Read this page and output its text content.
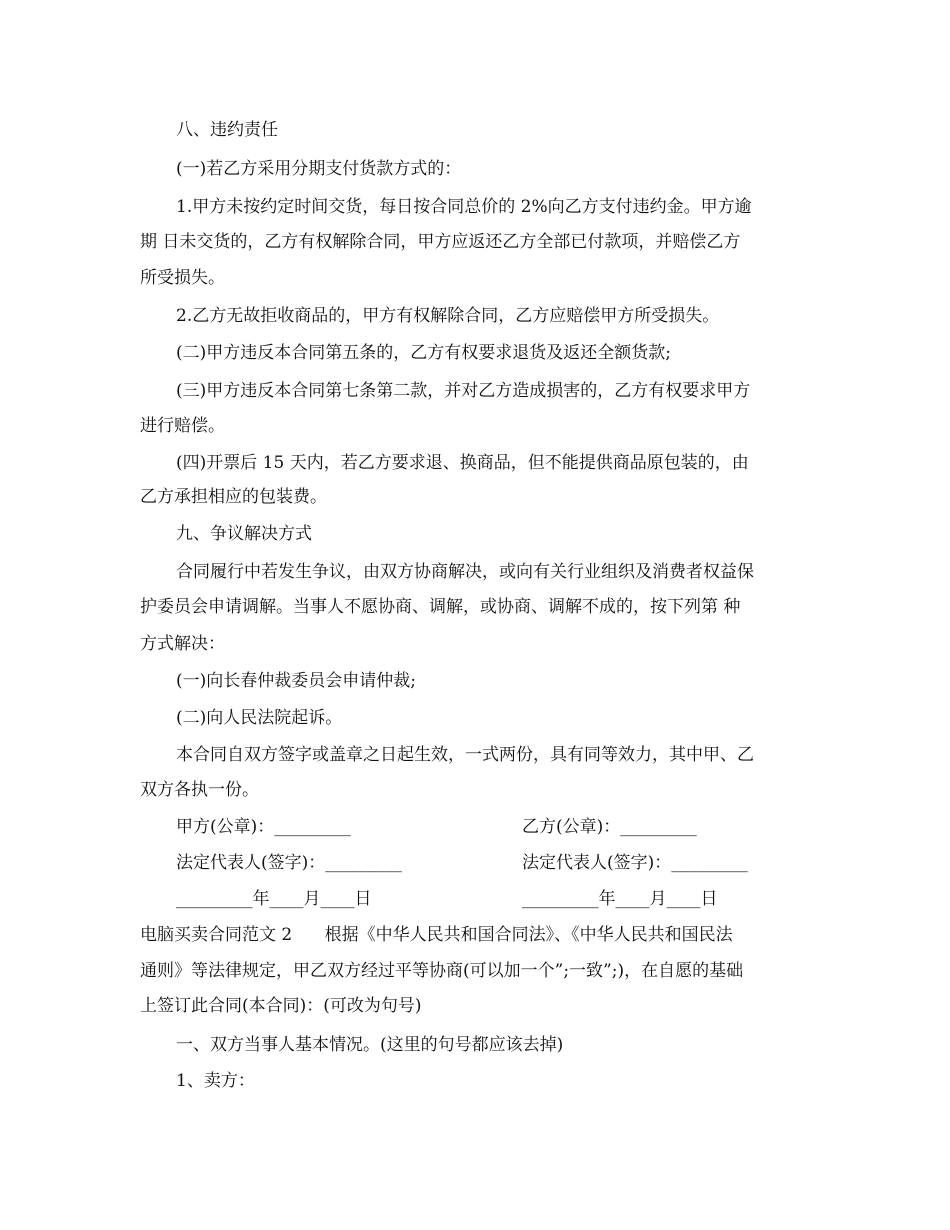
八、违约责任
(一)若乙方采用分期支付货款方式的：
1.甲方未按约定时间交货，每日按合同总价的 2%向乙方支付违约金。甲方逾
期 日未交货的，乙方有权解除合同，甲方应返还乙方全部已付款项，并赔偿乙方
所受损失。
2.乙方无故拒收商品的，甲方有权解除合同，乙方应赔偿甲方所受损失。
(二)甲方违反本合同第五条的，乙方有权要求退货及返还全额货款;
(三)甲方违反本合同第七条第二款，并对乙方造成损害的，乙方有权要求甲方
进行赔偿。
(四)开票后 15 天内，若乙方要求退、换商品，但不能提供商品原包装的，由
乙方承担相应的包装费。
九、争议解决方式
合同履行中若发生争议，由双方协商解决，或向有关行业组织及消费者权益保
护委员会申请调解。当事人不愿协商、调解，或协商、调解不成的，按下列第 种
方式解决：
(一)向长春仲裁委员会申请仲裁;
(二)向人民法院起诉。
本合同自双方签字或盖章之日起生效，一式两份，具有同等效力，其中甲、乙
双方各执一份。
甲方(公章)：_________	乙方(公章)：_________
法定代表人(签字)：_________	法定代表人(签字)：_________
_________年____月____日	_________年____月____日
电脑买卖合同范文 2      根据《中华人民共和国合同法》、《中华人民共和国民法
通则》等法律规定，甲乙双方经过平等协商(可以加一个”;一致”;)，在自愿的基础
上签订此合同(本合同)：(可改为句号)
一、双方当事人基本情况。(这里的句号都应该去掉)
1、卖方：
